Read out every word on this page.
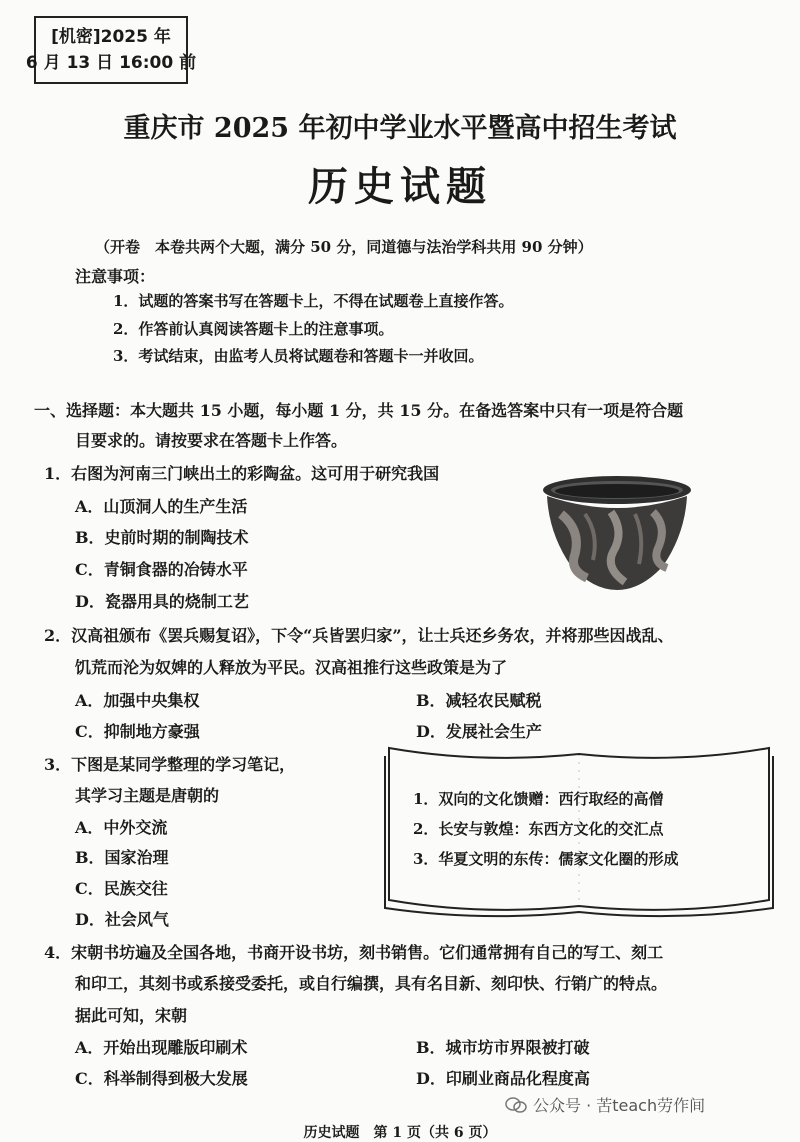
[机密]2025 年
6 月 13 日 16:00 前
重庆市 2025 年初中学业水平暨高中招生考试
历史试题
（开卷　本卷共两个大题，满分 50 分，同道德与法治学科共用 90 分钟）
注意事项：
1．试题的答案书写在答题卡上，不得在试题卷上直接作答。
2．作答前认真阅读答题卡上的注意事项。
3．考试结束，由监考人员将试题卷和答题卡一并收回。
一、选择题：本大题共 15 小题，每小题 1 分，共 15 分。在备选答案中只有一项是符合题
目要求的。请按要求在答题卡上作答。
1．右图为河南三门峡出土的彩陶盆。这可用于研究我国
A．山顶洞人的生产生活
B．史前时期的制陶技术
C．青铜食器的冶铸水平
D．瓷器用具的烧制工艺
2．汉高祖颁布《罢兵赐复诏》，下令“兵皆罢归家”，让士兵还乡务农，并将那些因战乱、
饥荒而沦为奴婢的人释放为平民。汉高祖推行这些政策是为了
A．加强中央集权	B．减轻农民赋税
C．抑制地方豪强	D．发展社会生产
3．下图是某同学整理的学习笔记，
其学习主题是唐朝的
A．中外交流
B．国家治理
C．民族交往
D．社会风气
1．双向的文化馈赠：西行取经的高僧
2．长安与敦煌：东西方文化的交汇点
3．华夏文明的东传：儒家文化圈的形成
4．宋朝书坊遍及全国各地，书商开设书坊，刻书销售。它们通常拥有自己的写工、刻工
和印工，其刻书或系接受委托，或自行编撰，具有名目新、刻印快、行销广的特点。
据此可知，宋朝
A．开始出现雕版印刷术	B．城市坊市界限被打破
C．科举制得到极大发展	D．印刷业商品化程度高
公众号 · 苦teach劳作间
历史试题　第 1 页（共 6 页）
